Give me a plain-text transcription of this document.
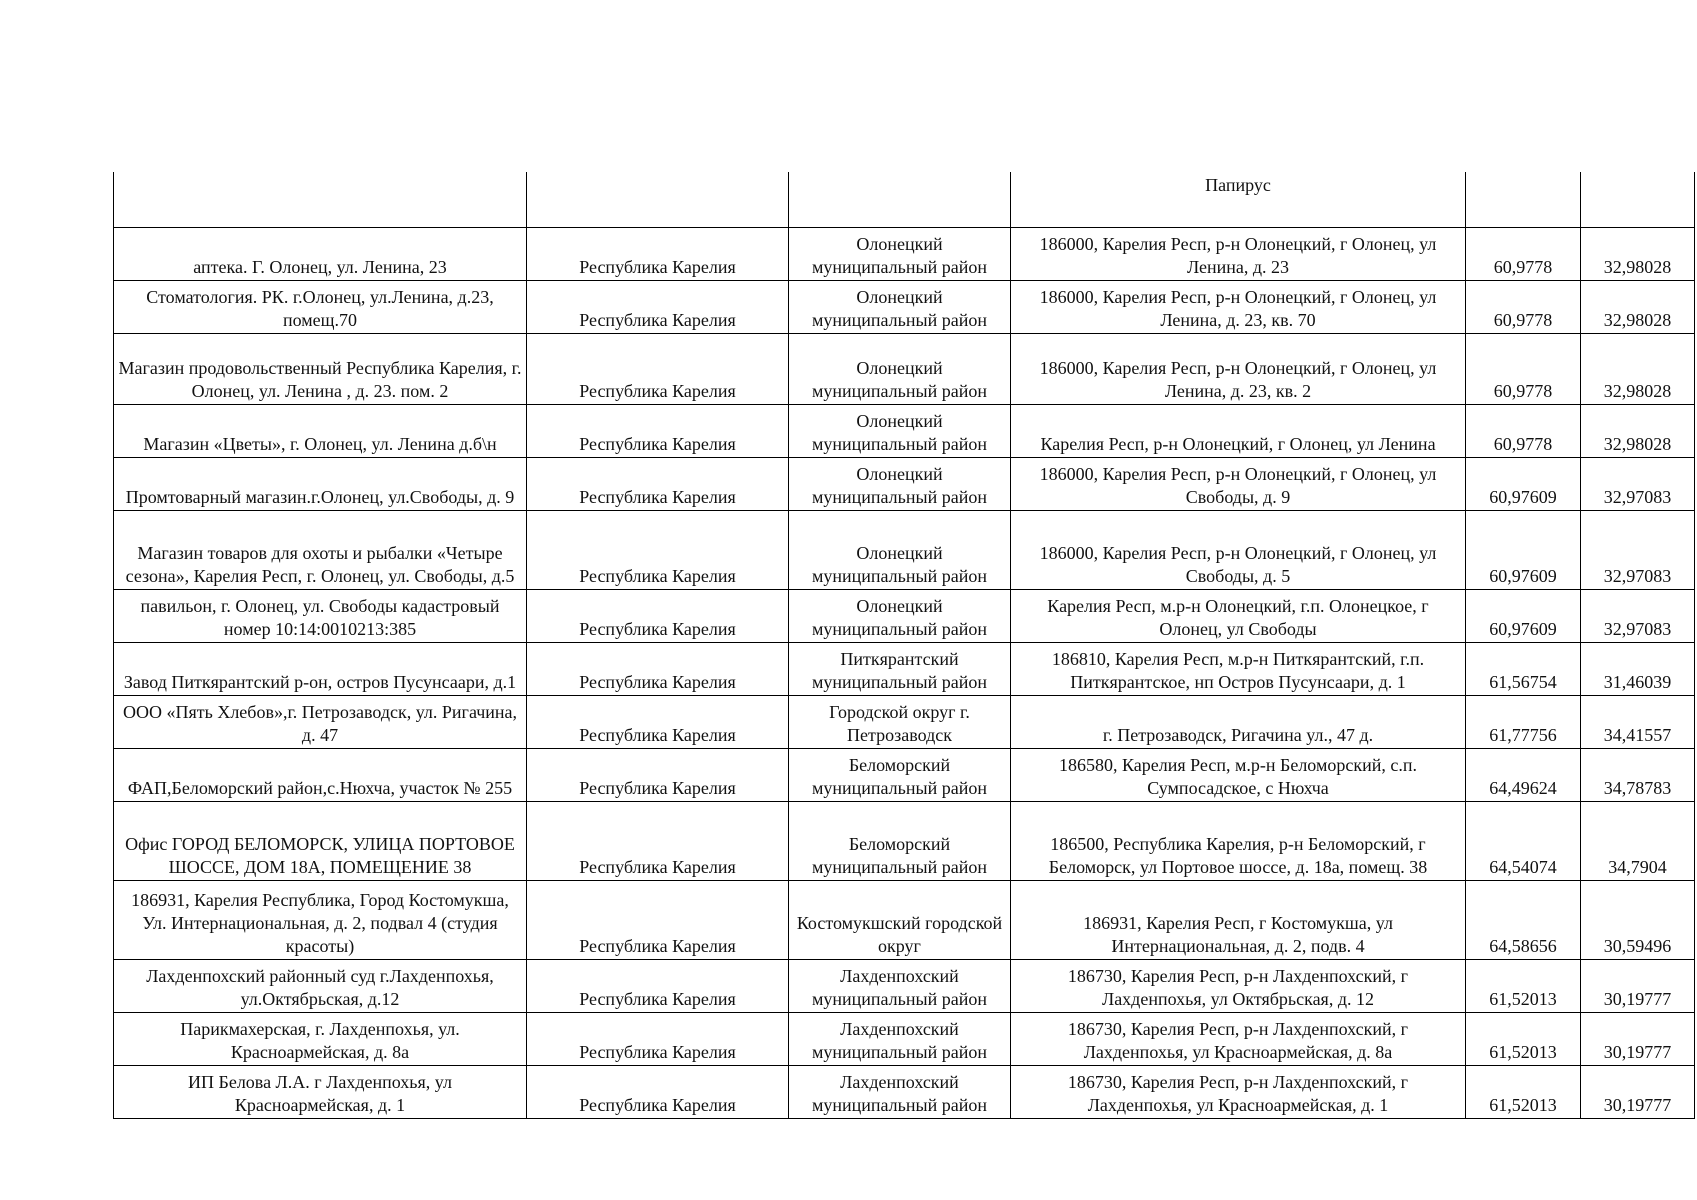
			Папирус		
аптека. Г. Олонец, ул. Ленина, 23	Республика Карелия	Олонецкий муниципальный район	186000, Карелия Респ, р-н Олонецкий, г Олонец, ул Ленина, д. 23	60,9778	32,98028
Стоматология. РК. г.Олонец, ул.Ленина, д.23, помещ.70	Республика Карелия	Олонецкий муниципальный район	186000, Карелия Респ, р-н Олонецкий, г Олонец, ул Ленина, д. 23, кв. 70	60,9778	32,98028
Магазин продовольственный Республика Карелия, г. Олонец, ул. Ленина , д. 23. пом. 2	Республика Карелия	Олонецкий муниципальный район	186000, Карелия Респ, р-н Олонецкий, г Олонец, ул Ленина, д. 23, кв. 2	60,9778	32,98028
Магазин «Цветы», г. Олонец, ул. Ленина д.б\н	Республика Карелия	Олонецкий муниципальный район	Карелия Респ, р-н Олонецкий, г Олонец, ул Ленина	60,9778	32,98028
Промтоварный магазин.г.Олонец, ул.Свободы, д. 9	Республика Карелия	Олонецкий муниципальный район	186000, Карелия Респ, р-н Олонецкий, г Олонец, ул Свободы, д. 9	60,97609	32,97083
Магазин товаров для охоты и рыбалки «Четыре сезона», Карелия Респ, г. Олонец, ул. Свободы, д.5	Республика Карелия	Олонецкий муниципальный район	186000, Карелия Респ, р-н Олонецкий, г Олонец, ул Свободы, д. 5	60,97609	32,97083
павильон, г. Олонец, ул. Свободы кадастровый номер 10:14:0010213:385	Республика Карелия	Олонецкий муниципальный район	Карелия Респ, м.р-н Олонецкий, г.п. Олонецкое, г Олонец, ул Свободы	60,97609	32,97083
Завод Питкярантский р-он, остров Пусунсаари, д.1	Республика Карелия	Питкярантский муниципальный район	186810, Карелия Респ, м.р-н Питкярантский, г.п. Питкярантское, нп Остров Пусунсаари, д. 1	61,56754	31,46039
ООО «Пять Хлебов»,г. Петрозаводск, ул. Ригачина, д. 47	Республика Карелия	Городской округ г. Петрозаводск	г. Петрозаводск, Ригачина ул., 47 д.	61,77756	34,41557
ФАП,Беломорский район,с.Нюхча, участок № 255	Республика Карелия	Беломорский муниципальный район	186580, Карелия Респ, м.р-н Беломорский, с.п. Сумпосадское, с Нюхча	64,49624	34,78783
Офис ГОРОД БЕЛОМОРСК, УЛИЦА ПОРТОВОЕ ШОССЕ, ДОМ 18А, ПОМЕЩЕНИЕ 38	Республика Карелия	Беломорский муниципальный район	186500, Республика Карелия, р-н Беломорский, г Беломорск, ул Портовое шоссе, д. 18а, помещ. 38	64,54074	34,7904
186931, Карелия Республика, Город Костомукша, Ул. Интернациональная, д. 2, подвал 4 (студия красоты)	Республика Карелия	Костомукшский городской округ	186931, Карелия Респ, г Костомукша, ул Интернациональная, д. 2, подв. 4	64,58656	30,59496
Лахденпохский районный суд г.Лахденпохья, ул.Октябрьская, д.12	Республика Карелия	Лахденпохский муниципальный район	186730, Карелия Респ, р-н Лахденпохский, г Лахденпохья, ул Октябрьская, д. 12	61,52013	30,19777
Парикмахерская, г. Лахденпохья, ул. Красноармейская, д. 8а	Республика Карелия	Лахденпохский муниципальный район	186730, Карелия Респ, р-н Лахденпохский, г Лахденпохья, ул Красноармейская, д. 8а	61,52013	30,19777
ИП Белова Л.А. г Лахденпохья, ул Красноармейская, д. 1	Республика Карелия	Лахденпохский муниципальный район	186730, Карелия Респ, р-н Лахденпохский, г Лахденпохья, ул Красноармейская, д. 1	61,52013	30,19777
